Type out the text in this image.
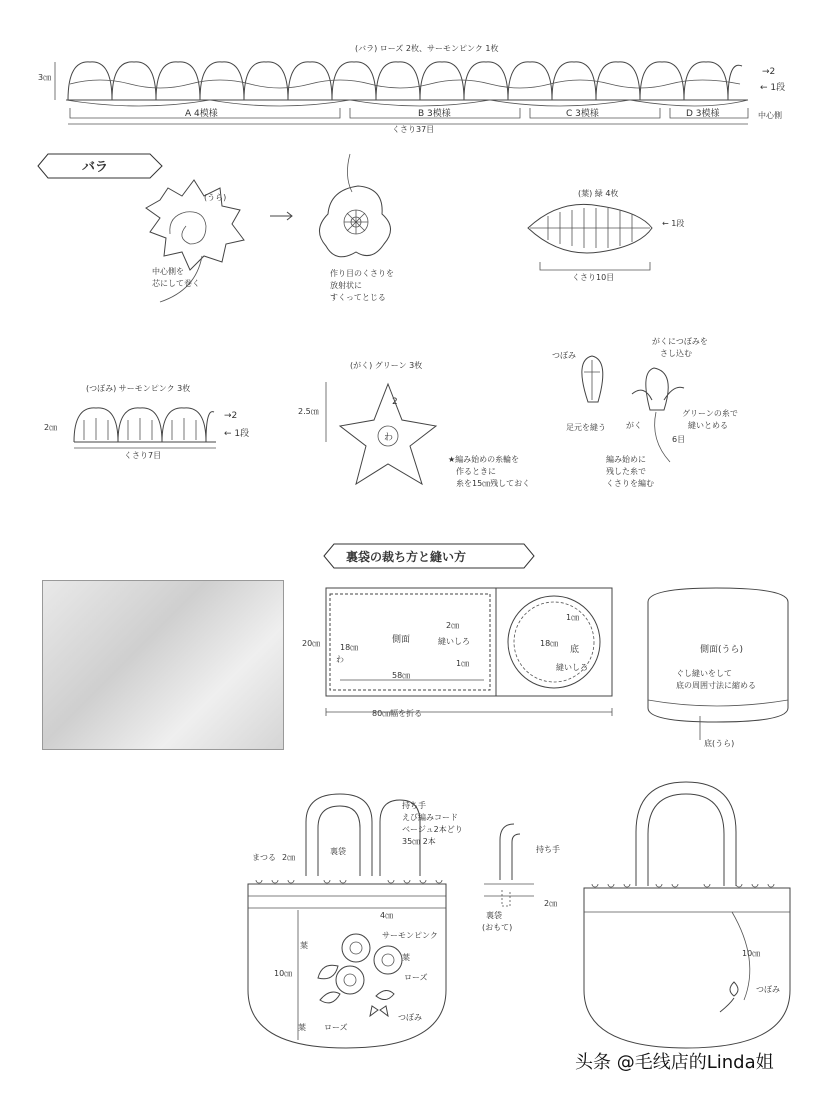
(バラ) ローズ 2枚、サーモンピンク 1枚
3㎝
→2
← 1段
中心側
A 4模様	B 3模様	C 3模様	D 3模様
くさり37目
バラ
(うら)
中心側を
芯にして巻く
作り目のくさりを
放射状に
すくってとじる
(葉) 緑 4枚
← 1段
くさり10目
(つぼみ) サーモンピンク 3枚
2㎝
→2
← 1段
くさり7目
(がく) グリーン 3枚
2.5㎝
2
わ
★編み始めの糸輪を
作るときに
糸を15㎝残しておく
つぼみ
足元を縫う
がくにつぼみを
さし込む
グリーンの糸で
縫いとめる
がく
6目
編み始めに
残した糸で
くさりを編む
裏袋の裁ち方と縫い方
20㎝ 18㎝
側面
2㎝
縫いしろ
1㎝
わ
58㎝
80㎝幅を折る
1㎝
18㎝
底
縫いしろ
側面(うら)
ぐし縫いをして
底の周囲寸法に縮める
底(うら)
持ち手
えび編みコード
ベージュ2本どり
35㎝ 2本
まつる 2㎝
裏袋
4㎝
サーモンピンク
葉
葉
葉
ローズ
ローズ
10㎝
つぼみ
持ち手
2㎝
裏袋
(おもて)
10㎝
つぼみ
头条 @毛线店的Linda姐
